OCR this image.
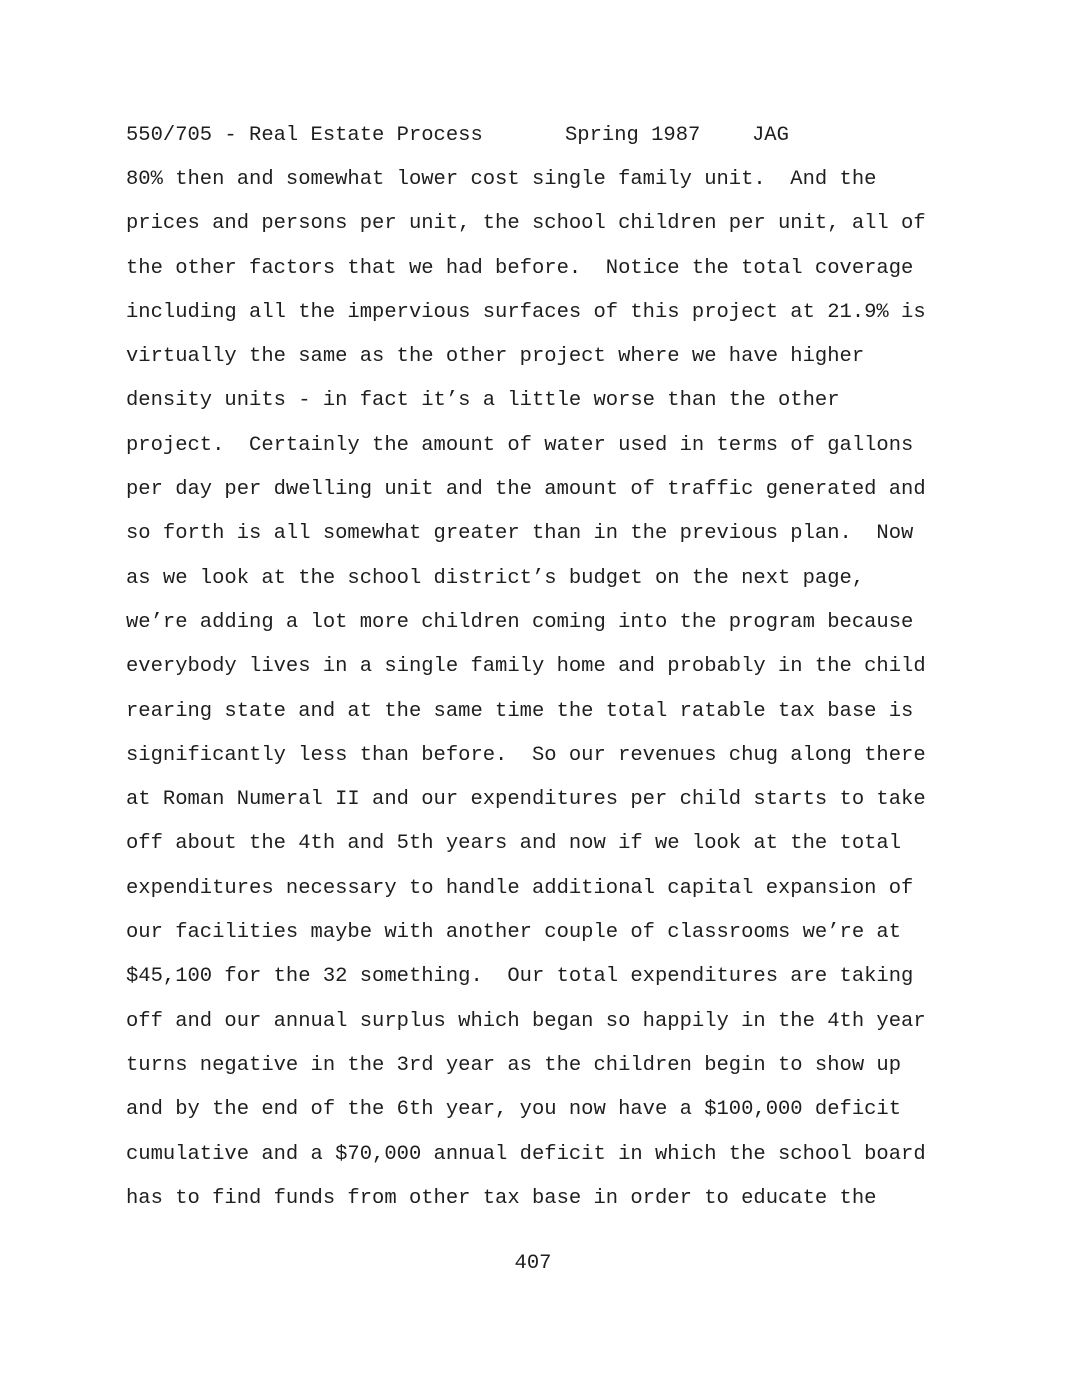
550/705 - Real Estate Process

	Spring 1987

	JAG

80% then and somewhat lower cost single family unit.  And the
prices and persons per unit, the school children per unit, all of
the other factors that we had before.  Notice the total coverage
including all the impervious surfaces of this project at 21.9% is
virtually the same as the other project where we have higher
density units - in fact it’s a little worse than the other
project.  Certainly the amount of water used in terms of gallons
per day per dwelling unit and the amount of traffic generated and
so forth is all somewhat greater than in the previous plan.  Now
as we look at the school district’s budget on the next page,
we’re adding a lot more children coming into the program because
everybody lives in a single family home and probably in the child
rearing state and at the same time the total ratable tax base is
significantly less than before.  So our revenues chug along there
at Roman Numeral II and our expenditures per child starts to take
off about the 4th and 5th years and now if we look at the total
expenditures necessary to handle additional capital expansion of
our facilities maybe with another couple of classrooms we’re at
$45,100 for the 32 something.  Our total expenditures are taking
off and our annual surplus which began so happily in the 4th year
turns negative in the 3rd year as the children begin to show up
and by the end of the 6th year, you now have a $100,000 deficit
cumulative and a $70,000 annual deficit in which the school board
has to find funds from other tax base in order to educate the
407
